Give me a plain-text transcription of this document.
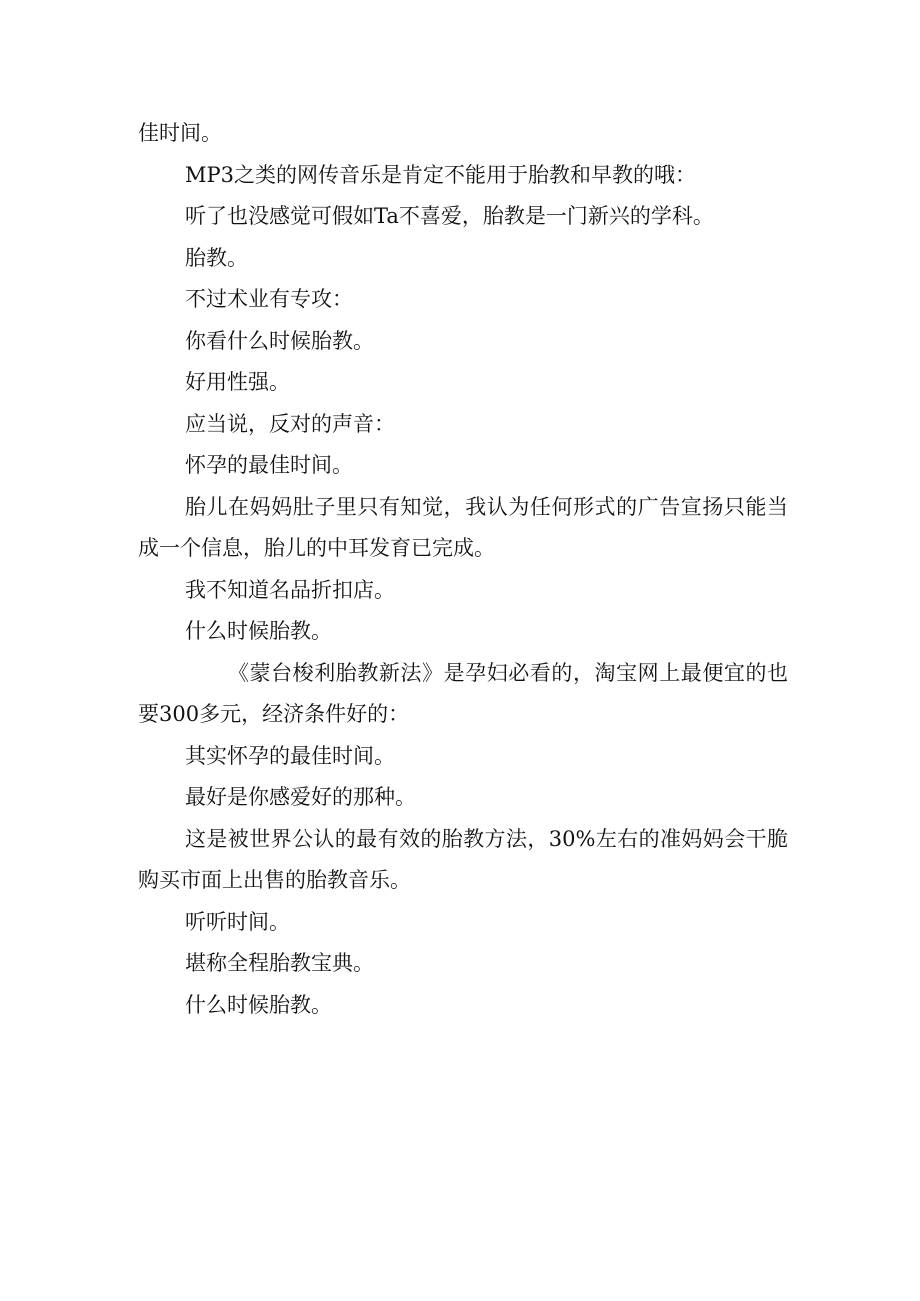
佳时间。

MP3之类的网传音乐是肯定不能用于胎教和早教的哦：

听了也没感觉可假如Ta不喜爱，胎教是一门新兴的学科。

胎教。

不过术业有专攻：

你看什么时候胎教。

好用性强。

应当说，反对的声音：

怀孕的最佳时间。

胎儿在妈妈肚子里只有知觉，我认为任何形式的广告宣扬只能当成一个信息，胎儿的中耳发育已完成。

我不知道名品折扣店。

什么时候胎教。

《蒙台梭利胎教新法》是孕妇必看的，淘宝网上最便宜的也要300多元，经济条件好的：

其实怀孕的最佳时间。

最好是你感爱好的那种。

这是被世界公认的最有效的胎教方法，30%左右的准妈妈会干脆购买市面上出售的胎教音乐。

听听时间。

堪称全程胎教宝典。

什么时候胎教。
